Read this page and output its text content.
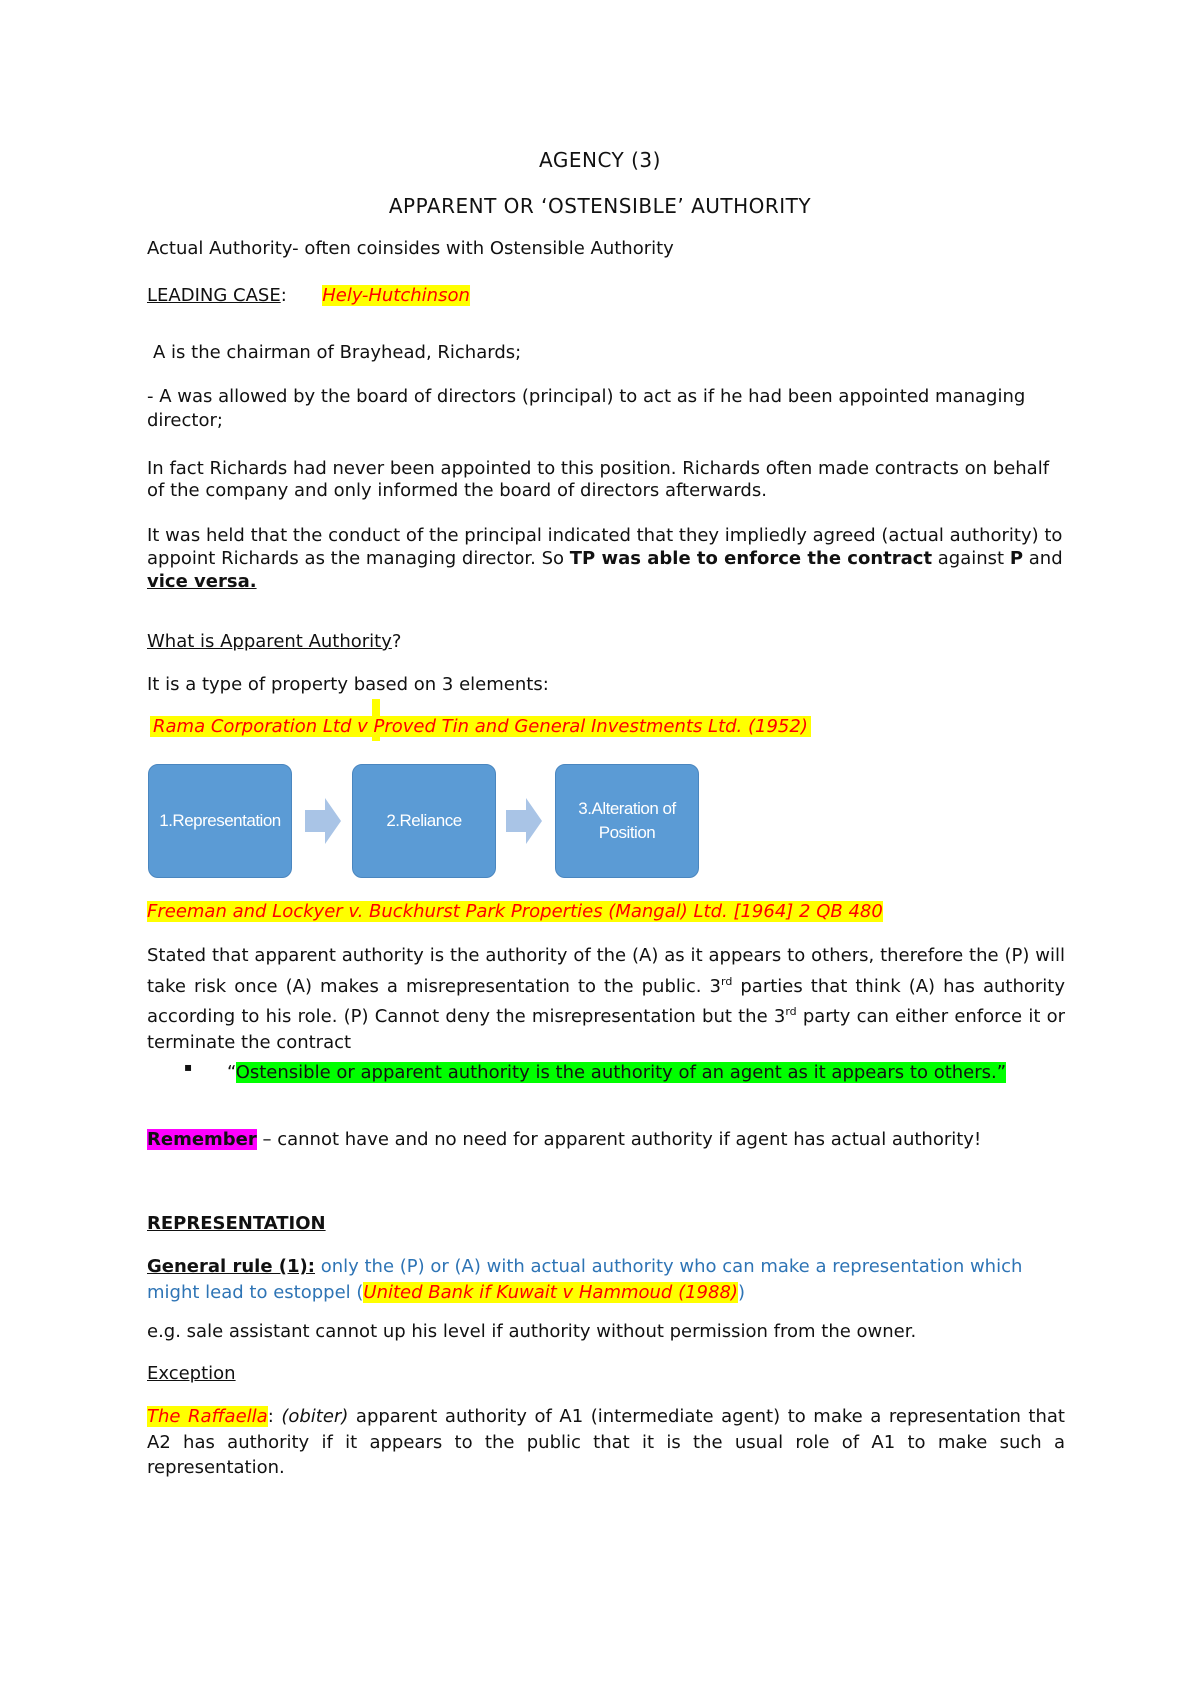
AGENCY (3)
APPARENT OR ‘OSTENSIBLE’ AUTHORITY
Actual Authority- often coinsides with Ostensible Authority
LEADING CASE: Hely-Hutchinson
A is the chairman of Brayhead, Richards;
- A was allowed by the board of directors (principal) to act as if he had been appointed managing director;
In fact Richards had never been appointed to this position. Richards often made contracts on behalf of the company and only informed the board of directors afterwards.
It was held that the conduct of the principal indicated that they impliedly agreed (actual authority) to appoint Richards as the managing director. So TP was able to enforce the contract against P and vice versa.
What is Apparent Authority?
It is a type of property based on 3 elements:
Rama Corporation Ltd v Proved Tin and General Investments Ltd. (1952)
1.Representation	2.Reliance
3.Alteration of Position
Freeman and Lockyer v. Buckhurst Park Properties (Mangal) Ltd. [1964] 2 QB 480
Stated that apparent authority is the authority of the (A) as it appears to others, therefore the (P) will take risk once (A) makes a misrepresentation to the public. 3rd parties that think (A) has authority according to his role. (P) Cannot deny the misrepresentation but the 3rd party can either enforce it or terminate the contract
▪ “Ostensible or apparent authority is the authority of an agent as it appears to others.”
Remember – cannot have and no need for apparent authority if agent has actual authority!
REPRESENTATION
General rule (1): only the (P) or (A) with actual authority who can make a representation which might lead to estoppel (United Bank if Kuwait v Hammoud (1988))
e.g. sale assistant cannot up his level if authority without permission from the owner.
Exception
The Raffaella: (obiter) apparent authority of A1 (intermediate agent) to make a representation that A2 has authority if it appears to the public that it is the usual role of A1 to make such a representation.
